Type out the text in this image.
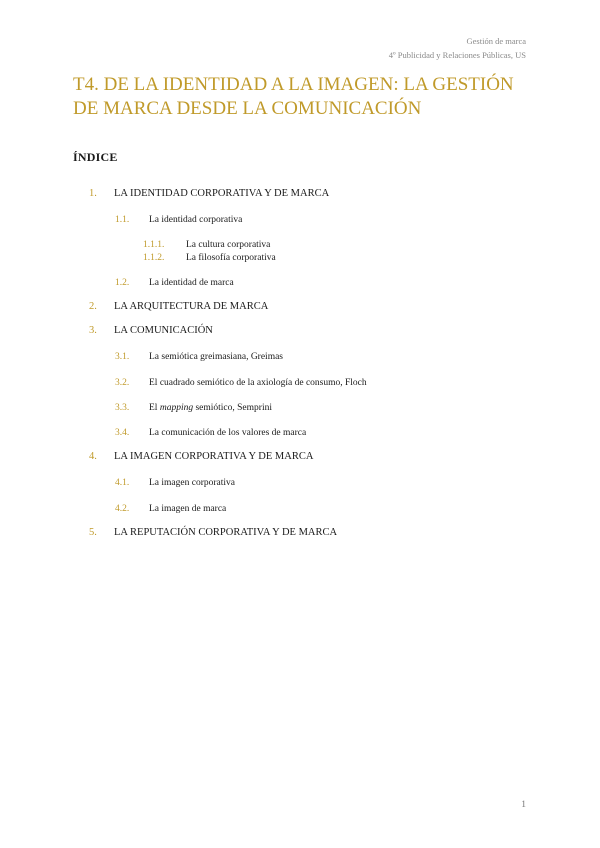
Gestión de marca
4º Publicidad y Relaciones Públicas, US
T4. DE LA IDENTIDAD A LA IMAGEN: LA GESTIÓN DE MARCA DESDE LA COMUNICACIÓN
ÍNDICE
1. LA IDENTIDAD CORPORATIVA Y DE MARCA
1.1. La identidad corporativa
1.1.1. La cultura corporativa
1.1.2. La filosofía corporativa
1.2. La identidad de marca
2. LA ARQUITECTURA DE MARCA
3. LA COMUNICACIÓN
3.1. La semiótica greimasiana, Greimas
3.2. El cuadrado semiótico de la axiología de consumo, Floch
3.3. El mapping semiótico, Semprini
3.4. La comunicación de los valores de marca
4. LA IMAGEN CORPORATIVA Y DE MARCA
4.1. La imagen corporativa
4.2. La imagen de marca
5. LA REPUTACIÓN CORPORATIVA Y DE MARCA
1
